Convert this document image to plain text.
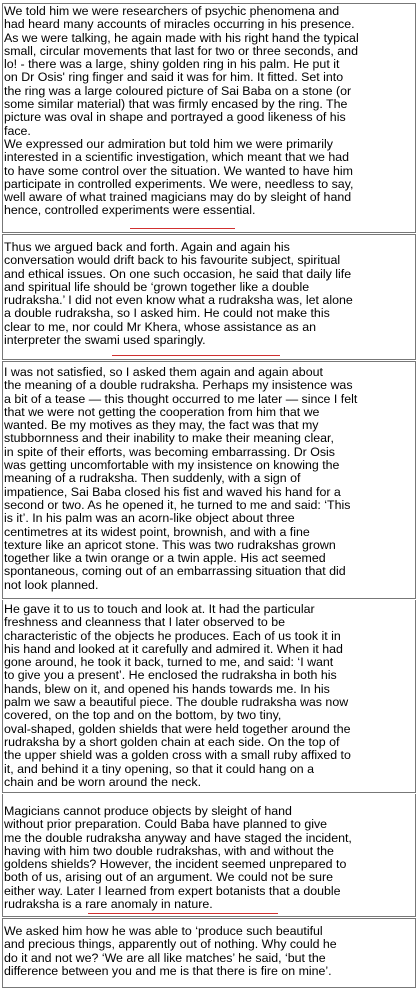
We told him we were researchers of psychic phenomena and
had heard many accounts of miracles occurring in his presence.
As we were talking, he again made with his right hand the typical
small, circular movements that last for two or three seconds, and
lo! - there was a large, shiny golden ring in his palm. He put it
on Dr Osis' ring finger and said it was for him. It fitted. Set into
the ring was a large coloured picture of Sai Baba on a stone (or
some similar material) that was firmly encased by the ring. The
picture was oval in shape and portrayed a good likeness of his
face.
We expressed our admiration but told him we were primarily
interested in a scientific investigation, which meant that we had
to have some control over the situation. We wanted to have him
participate in controlled experiments. We were, needless to say,
well aware of what trained magicians may do by sleight of hand
hence, controlled experiments were essential.
Thus we argued back and forth. Again and again his
conversation would drift back to his favourite subject, spiritual
and ethical issues. On one such occasion, he said that daily life
and spiritual life should be ‘grown together like a double
rudraksha.’ I did not even know what a rudraksha was, let alone
a double rudraksha, so I asked him. He could not make this
clear to me, nor could Mr Khera, whose assistance as an
interpreter the swami used sparingly.
I was not satisfied, so I asked them again and again about
the meaning of a double rudraksha. Perhaps my insistence was
a bit of a tease — this thought occurred to me later — since I felt
that we were not getting the cooperation from him that we
wanted. Be my motives as they may, the fact was that my
stubbornness and their inability to make their meaning clear,
in spite of their efforts, was becoming embarrassing. Dr Osis
was getting uncomfortable with my insistence on knowing the
meaning of a rudraksha. Then suddenly, with a sign of
impatience, Sai Baba closed his fist and waved his hand for a
second or two. As he opened it, he turned to me and said: ‘This
is it’. In his palm was an acorn-like object about three
centimetres at its widest point, brownish, and with a fine
texture like an apricot stone. This was two rudrakshas grown
together like a twin orange or a twin apple. His act seemed
spontaneous, coming out of an embarrassing situation that did
not look planned.
He gave it to us to touch and look at. It had the particular
freshness and cleanness that I later observed to be
characteristic of the objects he produces. Each of us took it in
his hand and looked at it carefully and admired it. When it had
gone around, he took it back, turned to me, and said: ‘I want
to give you a present’. He enclosed the rudraksha in both his
hands, blew on it, and opened his hands towards me. In his
palm we saw a beautiful piece. The double rudraksha was now
covered, on the top and on the bottom, by two tiny,
oval-shaped, golden shields that were held together around the
rudraksha by a short golden chain at each side. On the top of
the upper shield was a golden cross with a small ruby affixed to
it, and behind it a tiny opening, so that it could hang on a
chain and be worn around the neck.
Magicians cannot produce objects by sleight of hand
without prior preparation. Could Baba have planned to give
me the double rudraksha anyway and have staged the incident,
having with him two double rudrakshas, with and without the
goldens shields? However, the incident seemed unprepared to
both of us, arising out of an argument. We could not be sure
either way. Later I learned from expert botanists that a double
rudraksha is a rare anomaly in nature.
We asked him how he was able to ‘produce such beautiful
and precious things, apparently out of nothing. Why could he
do it and not we? ‘We are all like matches’ he said, ‘but the
difference between you and me is that there is fire on mine’.
